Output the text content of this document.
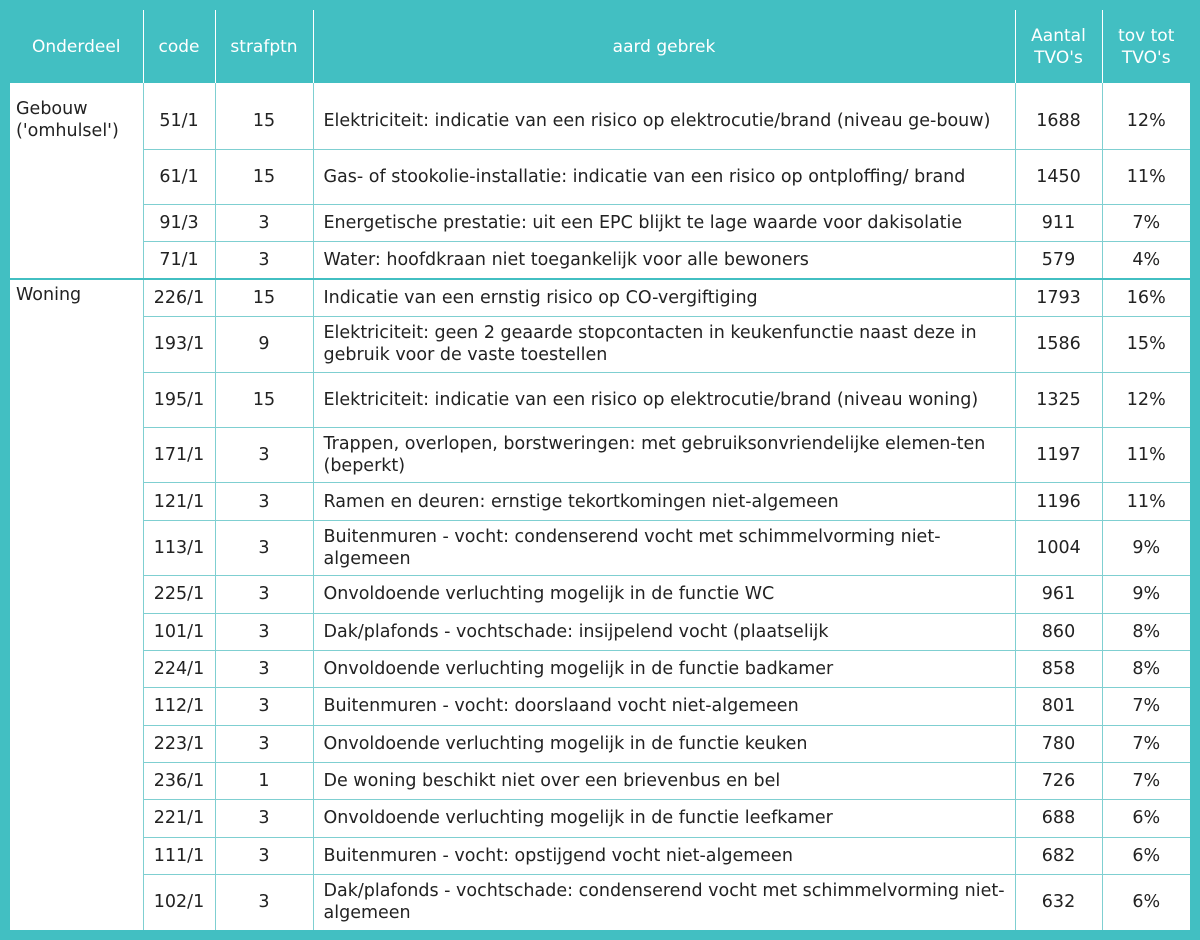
Onderdeel	code	strafptn	aard gebrek	Aantal TVO's	tov tot TVO's

Gebouw ('omhulsel')	51/1	15	Elektriciteit: indicatie van een risico op elektrocutie/brand (niveau ge-bouw)	1688	12%
	61/1	15	Gas- of stookolie-installatie: indicatie van een risico op ontploffing/ brand	1450	11%
	91/3	3	Energetische prestatie: uit een EPC blijkt te lage waarde voor dakisolatie	911	7%
	71/1	3	Water: hoofdkraan niet toegankelijk voor alle bewoners	579	4%
Woning	226/1	15	Indicatie van een ernstig risico op CO-vergiftiging	1793	16%
	193/1	9	Elektriciteit: geen 2 geaarde stopcontacten in keukenfunctie naast deze in gebruik voor de vaste toestellen	1586	15%
	195/1	15	Elektriciteit: indicatie van een risico op elektrocutie/brand (niveau woning)	1325	12%
	171/1	3	Trappen, overlopen, borstweringen: met gebruiksonvriendelijke elemen-ten (beperkt)	1197	11%
	121/1	3	Ramen en deuren: ernstige tekortkomingen niet-algemeen	1196	11%
	113/1	3	Buitenmuren - vocht: condenserend vocht met schimmelvorming niet-algemeen	1004	9%
	225/1	3	Onvoldoende verluchting mogelijk in de functie WC	961	9%
	101/1	3	Dak/plafonds - vochtschade: insijpelend vocht (plaatselijk	860	8%
	224/1	3	Onvoldoende verluchting mogelijk in de functie badkamer	858	8%
	112/1	3	Buitenmuren - vocht: doorslaand vocht niet-algemeen	801	7%
	223/1	3	Onvoldoende verluchting mogelijk in de functie keuken	780	7%
	236/1	1	De woning beschikt niet over een brievenbus en bel	726	7%
	221/1	3	Onvoldoende verluchting mogelijk in de functie leefkamer	688	6%
	111/1	3	Buitenmuren - vocht: opstijgend vocht niet-algemeen	682	6%
	102/1	3	Dak/plafonds - vochtschade: condenserend vocht met schimmelvorming niet-algemeen	632	6%
